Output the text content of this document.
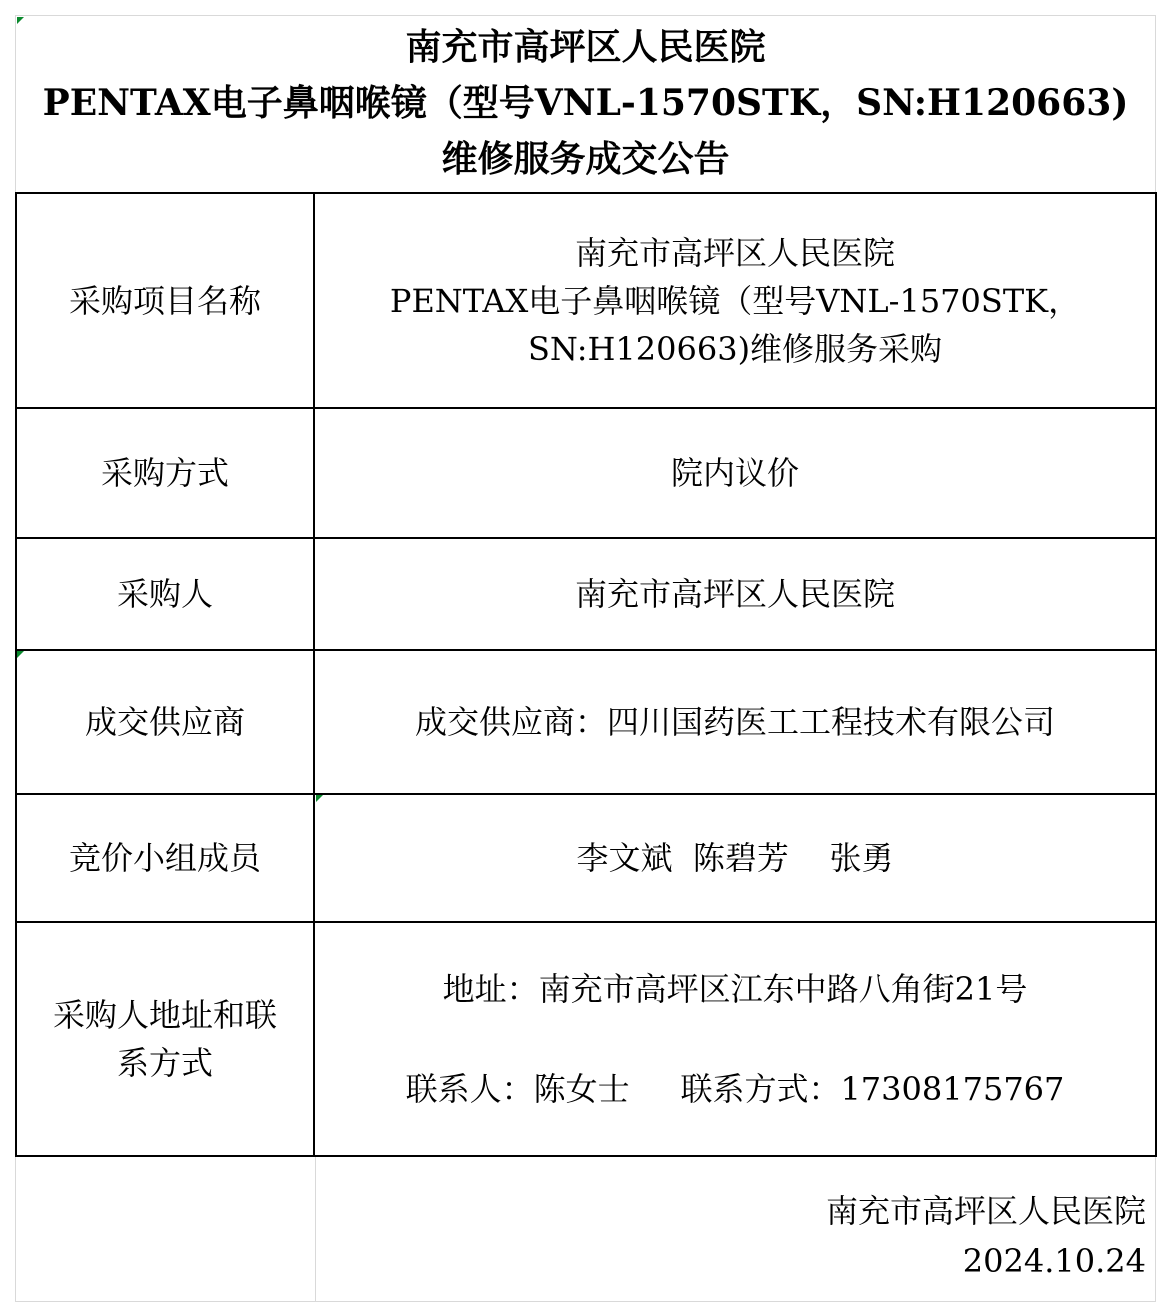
南充市高坪区人民医院
PENTAX电子鼻咽喉镜（型号VNL-1570STK，SN:H120663)
维修服务成交公告
采购项目名称	南充市高坪区人民医院
PENTAX电子鼻咽喉镜（型号VNL-1570STK，
SN:H120663)维修服务采购

采购方式	院内议价
采购人	南充市高坪区人民医院
成交供应商	成交供应商：四川国药医工工程技术有限公司
竞价小组成员	李文斌  陈碧芳    张勇

采购人地址和联
系方式	地址：南充市高坪区江东中路八角街21号
联系人：陈女士     联系方式：17308175767
南充市高坪区人民医院
2024.10.24
